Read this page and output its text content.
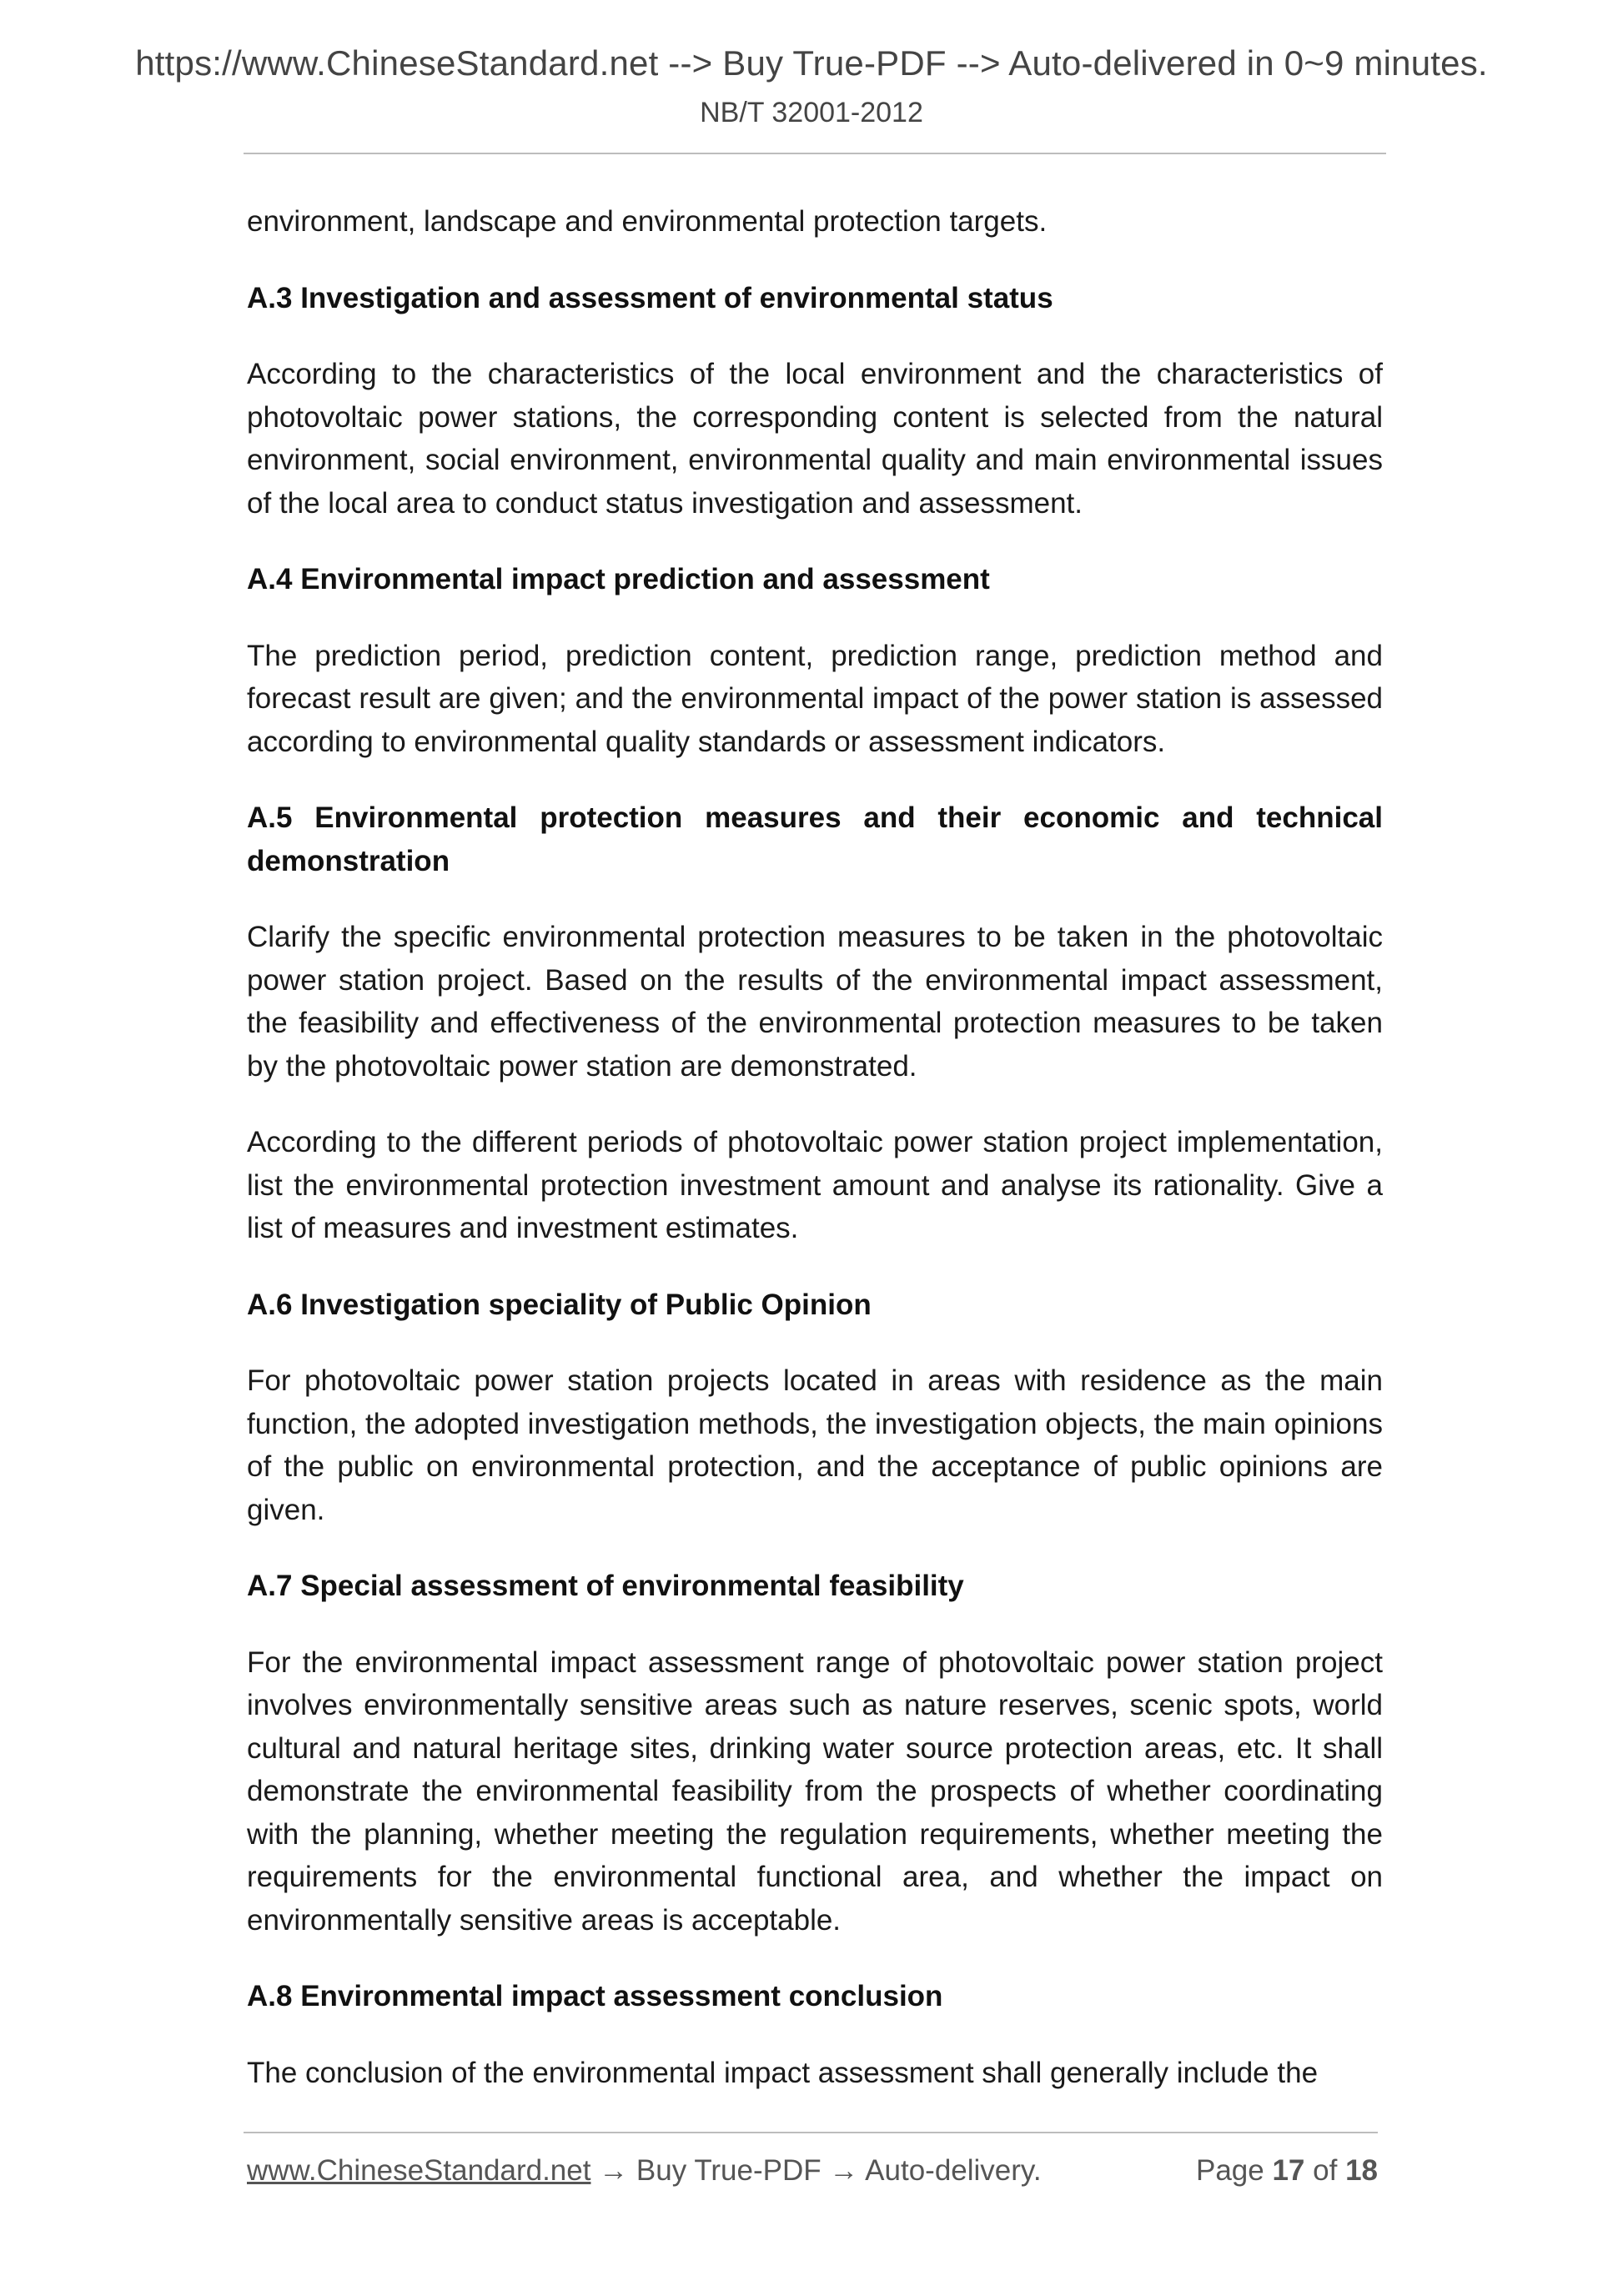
https://www.ChineseStandard.net --> Buy True-PDF --> Auto-delivered in 0~9 minutes.
NB/T 32001-2012

environment, landscape and environmental protection targets.

A.3 Investigation and assessment of environmental status

According to the characteristics of the local environment and the characteristics of photovoltaic power stations, the corresponding content is selected from the natural environment, social environment, environmental quality and main environmental issues of the local area to conduct status investigation and assessment.

A.4 Environmental impact prediction and assessment

The prediction period, prediction content, prediction range, prediction method and forecast result are given; and the environmental impact of the power station is assessed according to environmental quality standards or assessment indicators.

A.5 Environmental protection measures and their economic and technical demonstration

Clarify the specific environmental protection measures to be taken in the photovoltaic power station project. Based on the results of the environmental impact assessment, the feasibility and effectiveness of the environmental protection measures to be taken by the photovoltaic power station are demonstrated.

According to the different periods of photovoltaic power station project implementation, list the environmental protection investment amount and analyse its rationality. Give a list of measures and investment estimates.

A.6 Investigation speciality of Public Opinion

For photovoltaic power station projects located in areas with residence as the main function, the adopted investigation methods, the investigation objects, the main opinions of the public on environmental protection, and the acceptance of public opinions are given.

A.7 Special assessment of environmental feasibility

For the environmental impact assessment range of photovoltaic power station project involves environmentally sensitive areas such as nature reserves, scenic spots, world cultural and natural heritage sites, drinking water source protection areas, etc. It shall demonstrate the environmental feasibility from the prospects of whether coordinating with the planning, whether meeting the regulation requirements, whether meeting the requirements for the environmental functional area, and whether the impact on environmentally sensitive areas is acceptable.

A.8 Environmental impact assessment conclusion

The conclusion of the environmental impact assessment shall generally include the

www.ChineseStandard.net → Buy True-PDF → Auto-delivery.	Page 17 of 18
